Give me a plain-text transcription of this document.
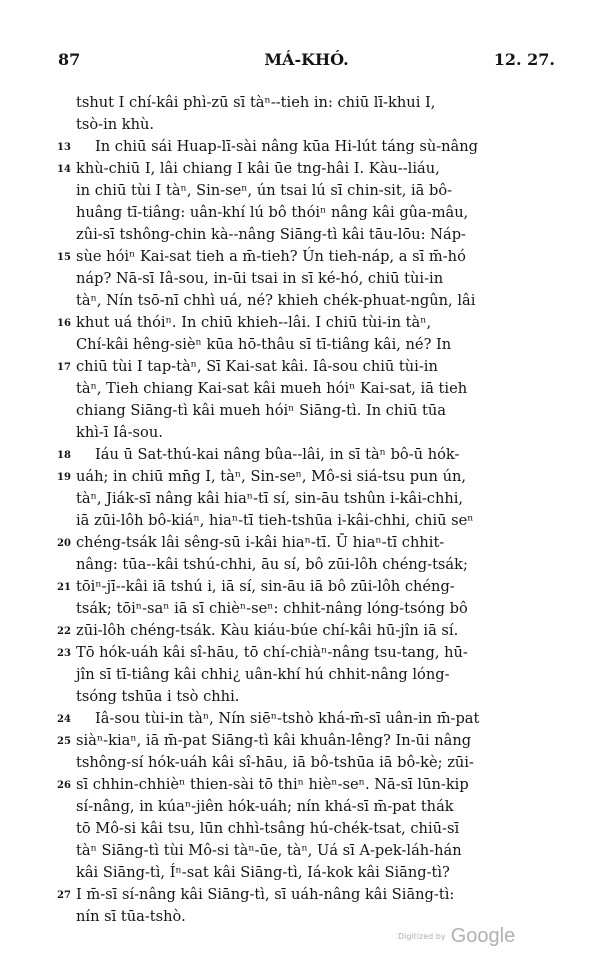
87	MÁ-KHÓ.	12. 27.
tshut I chí-kâi phì-zū sī tàⁿ--tieh in: chiū lī-khui I,
tsò-in khù.
13 In chiū sái Huap-lī-sài nâng kūa Hi-lút táng sù-nâng
14 khù-chiū I, lâi chiang I kâi ūe tng-hâi I. Kàu--liáu,
in chiū tùi I tàⁿ, Sin-seⁿ, ún tsai lú sī chin-sit, iā bô-
huâng tī-tiâng: uân-khí lú bô thóiⁿ nâng kâi gûa-mâu,
zûi-sī tshông-chin kà--nâng Siāng-tì kâi tāu-lōu: Náp-
15 sùe hóiⁿ Kai-sat tieh a m̄-tieh? Ún tieh-náp, a sī m̄-hó
náp? Nā-sī Iâ-sou, in-ūi tsai in sī ké-hó, chiū tùi-in
tàⁿ, Nín tsō-nī chhì uá, né? khieh chék-phuat-ngûn, lâi
16 khut uá thóiⁿ. In chiū khieh--lâi. I chiū tùi-in tàⁿ,
Chí-kâi hêng-sièⁿ kūa hō-thâu sī tī-tiâng kâi, né? In
17 chiū tùi I tap-tàⁿ, Sī Kai-sat kâi. Iâ-sou chiū tùi-in
tàⁿ, Tieh chiang Kai-sat kâi mueh hóiⁿ Kai-sat, iā tieh
chiang Siāng-tì kâi mueh hóiⁿ Siāng-tì. In chiū tūa
khì-ī Iâ-sou.
18 Iáu ū Sat-thú-kai nâng bûa--lâi, in sī tàⁿ bô-ū hók-
19 uáh; in chiū mn̄g I, tàⁿ, Sin-seⁿ, Mô-si siá-tsu pun ún,
tàⁿ, Jiák-sī nâng kâi hiaⁿ-tī sí, sin-āu tshûn i-kâi-chhi,
iā zūi-lôh bô-kiáⁿ, hiaⁿ-tī tieh-tshūa i-kâi-chhi, chiū seⁿ
20 chéng-tsák lâi sêng-sū i-kâi hiaⁿ-tī. Ū hiaⁿ-tī chhit-
nâng: tūa--kâi tshú-chhi, āu sí, bô zūi-lôh chéng-tsák;
21 tōiⁿ-jī--kâi iā tshú i, iā sí, sin-āu iā bô zūi-lôh chéng-
tsák; tōiⁿ-saⁿ iā sī chièⁿ-seⁿ: chhit-nâng lóng-tsóng bô
22 zūi-lôh chéng-tsák. Kàu kiáu-búe chí-kâi hū-jîn iā sí.
23 Tō hók-uáh kâi sî-hāu, tō chí-chiàⁿ-nâng tsu-tang, hū-
jîn sī tī-tiâng kâi chhi¿ uân-khí hú chhit-nâng lóng-
tsóng tshūa i tsò chhi.
24 Iâ-sou tùi-in tàⁿ, Nín siēⁿ-tshò khá-m̄-sī uân-in m̄-pat
25 siàⁿ-kiaⁿ, iā m̄-pat Siāng-tì kâi khuân-lêng? In-ūi nâng
tshông-sí hók-uáh kâi sî-hāu, iā bô-tshūa iā bô-kè; zūi-
26 sī chhin-chhièⁿ thien-sài tō thiⁿ hièⁿ-seⁿ. Nā-sī lūn-kip
sí-nâng, in kúaⁿ-jiên hók-uáh; nín khá-sī m̄-pat thák
tō Mô-si kâi tsu, lūn chhì-tsâng hú-chék-tsat, chiū-sī
tàⁿ Siāng-tì tùi Mô-si tàⁿ-ūe, tàⁿ, Uá sī A-pek-láh-hán
kâi Siāng-tì, Íⁿ-sat kâi Siāng-tì, Iá-kok kâi Siāng-tì?
27 I m̄-sī sí-nâng kâi Siāng-tì, sī uáh-nâng kâi Siāng-tì:
nín sī tūa-tshò.
Digitized by Google
